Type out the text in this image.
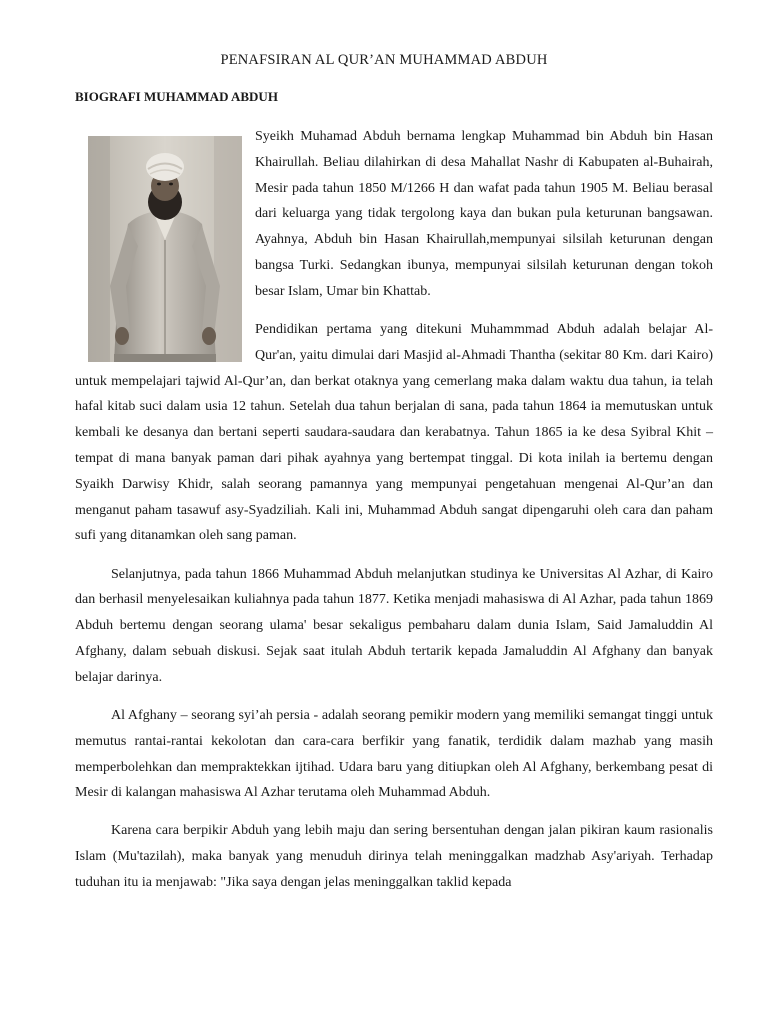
PENAFSIRAN AL QUR’AN MUHAMMAD ABDUH
BIOGRAFI MUHAMMAD ABDUH

Syeikh Muhamad Abduh bernama lengkap Muhammad bin Abduh bin Hasan Khairullah. Beliau dilahirkan di desa Mahallat Nashr di Kabupaten al-Buhairah, Mesir pada tahun 1850 M/1266 H dan wafat pada tahun 1905 M. Beliau berasal dari keluarga yang tidak tergolong kaya dan bukan pula keturunan bangsawan. Ayahnya, Abduh bin Hasan Khairullah,mempunyai silsilah keturunan dengan bangsa Turki. Sedangkan ibunya, mempunyai silsilah keturunan dengan tokoh besar Islam, Umar bin Khattab.

Pendidikan pertama yang ditekuni Muhammmad Abduh adalah belajar Al-Qur'an, yaitu dimulai dari Masjid al-Ahmadi Thantha (sekitar 80 Km. dari Kairo) untuk mempelajari tajwid Al-Qur’an, dan berkat otaknya yang cemerlang maka dalam waktu dua tahun, ia telah hafal kitab suci dalam usia 12 tahun. Setelah dua tahun berjalan di sana, pada tahun 1864 ia memutuskan untuk kembali ke desanya dan bertani seperti saudara-saudara dan kerabatnya. Tahun 1865 ia ke desa Syibral Khit – tempat di mana banyak paman dari pihak ayahnya yang bertempat tinggal. Di kota inilah ia bertemu dengan Syaikh Darwisy Khidr, salah seorang pamannya yang mempunyai pengetahuan mengenai Al-Qur’an dan menganut paham tasawuf asy-Syadziliah. Kali ini, Muhammad Abduh sangat dipengaruhi oleh cara dan paham sufi yang ditanamkan oleh sang paman.

Selanjutnya, pada tahun 1866 Muhammad Abduh melanjutkan studinya ke Universitas Al Azhar, di Kairo dan berhasil menyelesaikan kuliahnya pada tahun 1877. Ketika menjadi mahasiswa di Al Azhar, pada tahun 1869 Abduh bertemu dengan seorang ulama' besar sekaligus pembaharu dalam dunia Islam, Said Jamaluddin Al Afghany, dalam sebuah diskusi. Sejak saat itulah Abduh tertarik kepada Jamaluddin Al Afghany dan banyak belajar darinya.

Al Afghany – seorang syi’ah persia - adalah seorang pemikir modern yang memiliki semangat tinggi untuk memutus rantai-rantai kekolotan dan cara-cara berfikir yang fanatik, terdidik dalam mazhab yang masih memperbolehkan dan mempraktekkan ijtihad. Udara baru yang ditiupkan oleh Al Afghany, berkembang pesat di Mesir di kalangan mahasiswa Al Azhar terutama oleh Muhammad Abduh.

Karena cara berpikir Abduh yang lebih maju dan sering bersentuhan dengan jalan pikiran kaum rasionalis Islam (Mu'tazilah), maka banyak yang menuduh dirinya telah meninggalkan madzhab Asy'ariyah. Terhadap tuduhan itu ia menjawab: "Jika saya dengan jelas meninggalkan taklid kepada
